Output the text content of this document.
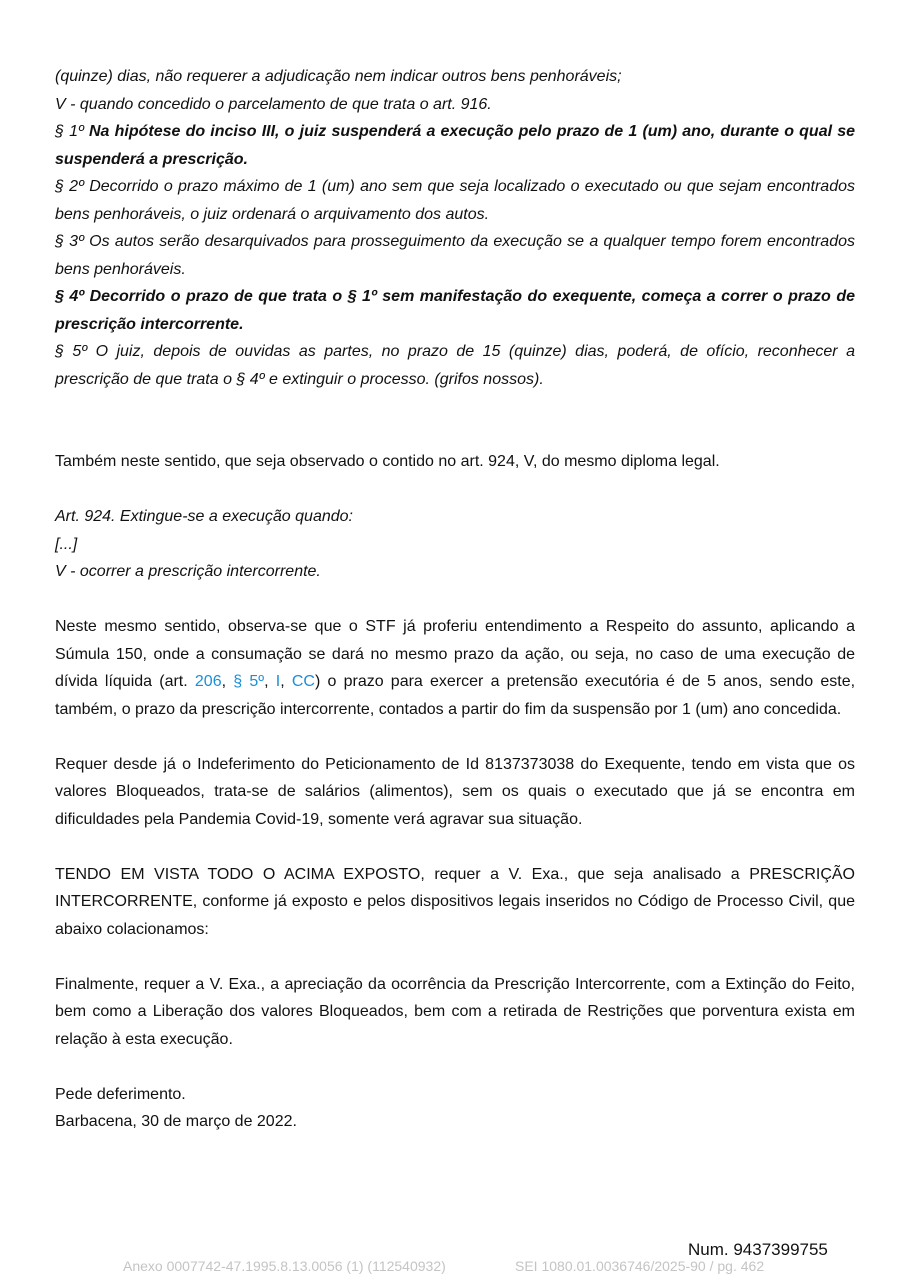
(quinze) dias, não requerer a adjudicação nem indicar outros bens penhoráveis;

V - quando concedido o parcelamento de que trata o art. 916.

§ 1º Na hipótese do inciso III, o juiz suspenderá a execução pelo prazo de 1 (um) ano, durante o qual se suspenderá a prescrição.

§ 2º Decorrido o prazo máximo de 1 (um) ano sem que seja localizado o executado ou que sejam encontrados bens penhoráveis, o juiz ordenará o arquivamento dos autos.

§ 3º Os autos serão desarquivados para prosseguimento da execução se a qualquer tempo forem encontrados bens penhoráveis.

§ 4º Decorrido o prazo de que trata o § 1º sem manifestação do exequente, começa a correr o prazo de prescrição intercorrente.

§ 5º O juiz, depois de ouvidas as partes, no prazo de 15 (quinze) dias, poderá, de ofício, reconhecer a prescrição de que trata o § 4º e extinguir o processo. (grifos nossos).

Também neste sentido, que seja observado o contido no art. 924, V, do mesmo diploma legal.

Art. 924. Extingue-se a execução quando:

[...]

V - ocorrer a prescrição intercorrente.

Neste mesmo sentido, observa-se que o STF já proferiu entendimento a Respeito do assunto, aplicando a Súmula 150, onde a consumação se dará no mesmo prazo da ação, ou seja, no caso de uma execução de dívida líquida (art. 206, § 5º, I, CC) o prazo para exercer a pretensão executória é de 5 anos, sendo este, também, o prazo da prescrição intercorrente, contados a partir do fim da suspensão por 1 (um) ano concedida.

Requer desde já o Indeferimento do Peticionamento de Id 8137373038 do Exequente, tendo em vista que os valores Bloqueados, trata-se de salários (alimentos), sem os quais o executado que já se encontra em dificuldades pela Pandemia Covid-19, somente verá agravar sua situação.

TENDO EM VISTA TODO O ACIMA EXPOSTO, requer a V. Exa., que seja analisado a PRESCRIÇÃO INTERCORRENTE, conforme já exposto e pelos dispositivos legais inseridos no Código de Processo Civil, que abaixo colacionamos:

Finalmente, requer a V. Exa., a apreciação da ocorrência da Prescrição Intercorrente, com a Extinção do Feito, bem como a Liberação dos valores Bloqueados, bem com a retirada de Restrições que porventura exista em relação à esta execução.

Pede deferimento.

Barbacena, 30 de março de 2022.

Num. 9437399755
Anexo 0007742-47.1995.8.13.0056 (1) (112540932)	SEI 1080.01.0036746/2025-90 / pg. 462
